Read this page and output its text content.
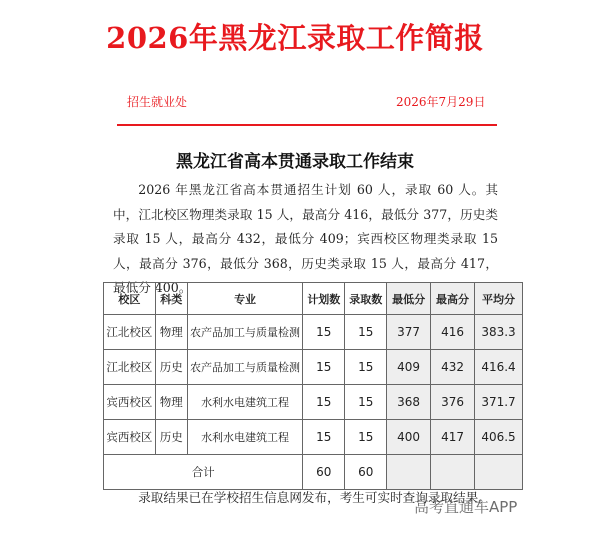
2026年黑龙江录取工作简报
招生就业处	2026年7月29日
黑龙江省高本贯通录取工作结束
2026 年黑龙江省高本贯通招生计划 60 人，录取 60 人。其中，江北校区物理类录取 15 人，最高分 416，最低分 377，历史类录取 15 人，最高分 432，最低分 409；宾西校区物理类录取 15 人，最高分 376，最低分 368，历史类录取 15 人，最高分 417，最低分 400。
校区	科类	专业	计划数	录取数	最低分	最高分	平均分
江北校区	物理	农产品加工与质量检测	15	15	377	416	383.3
江北校区	历史	农产品加工与质量检测	15	15	409	432	416.4
宾西校区	物理	水利水电建筑工程	15	15	368	376	371.7
宾西校区	历史	水利水电建筑工程	15	15	400	417	406.5
合计			60	60			
录取结果已在学校招生信息网发布，考生可实时查询录取结果。
高考直通车APP
